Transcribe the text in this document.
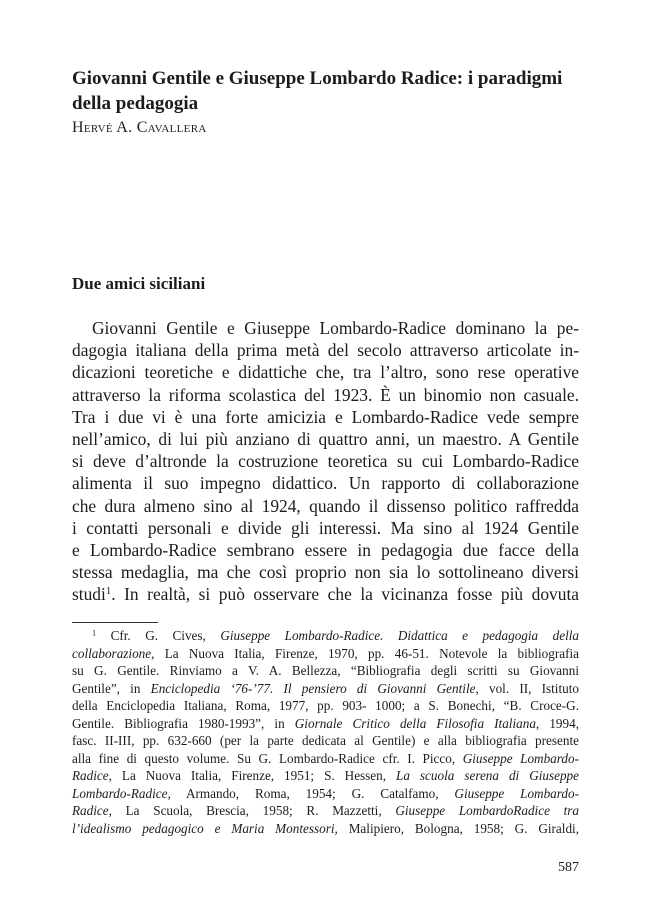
Giovanni Gentile e Giuseppe Lombardo Radice: i paradigmi della pedagogia
Hervé A. Cavallera
Due amici siciliani

Giovanni Gentile e Giuseppe Lombardo-Radice dominano la pe-
dagogia italiana della prima metà del secolo attraverso articolate in-
dicazioni teoretiche e didattiche che, tra l’altro, sono rese operative
attraverso la riforma scolastica del 1923. È un binomio non casuale.
Tra i due vi è una forte amicizia e Lombardo-Radice vede sempre
nell’amico, di lui più anziano di quattro anni, un maestro. A Gentile
si deve d’altronde la costruzione teoretica su cui Lombardo-Radice
alimenta il suo impegno didattico. Un rapporto di collaborazione
che dura almeno sino al 1924, quando il dissenso politico raffredda
i contatti personali e divide gli interessi. Ma sino al 1924 Gentile
e Lombardo-Radice sembrano essere in pedagogia due facce della
stessa medaglia, ma che così proprio non sia lo sottolineano diversi
studi$^1$. In realtà, si può osservare che la vicinanza fosse più dovuta

$^1$ Cfr. G. Cives, Giuseppe Lombardo-Radice. Didattica e pedagogia della
collaborazione, La Nuova Italia, Firenze, 1970, pp. 46-51. Notevole la bibliografia
su G. Gentile. Rinviamo a V. A. Bellezza, “Bibliografia degli scritti su Giovanni
Gentile”, in Enciclopedia ‘76-’77. Il pensiero di Giovanni Gentile, vol. II, Istituto
della Enciclopedia Italiana, Roma, 1977, pp. 903- 1000; a S. Bonechi, “B. Croce-G.
Gentile. Bibliografia 1980-1993”, in Giornale Critico della Filosofia Italiana, 1994,
fasc. II-III, pp. 632-660 (per la parte dedicata al Gentile) e alla bibliografia presente
alla fine di questo volume. Su G. Lombardo-Radice cfr. I. Picco, Giuseppe Lombardo-
Radice, La Nuova Italia, Firenze, 1951; S. Hessen, La scuola serena di Giuseppe
Lombardo-Radice, Armando, Roma, 1954; G. Catalfamo, Giuseppe Lombardo-
Radice, La Scuola, Brescia, 1958; R. Mazzetti, Giuseppe LombardoRadice tra
l’idealismo pedagogico e Maria Montessori, Malipiero, Bologna, 1958; G. Giraldi,

587
